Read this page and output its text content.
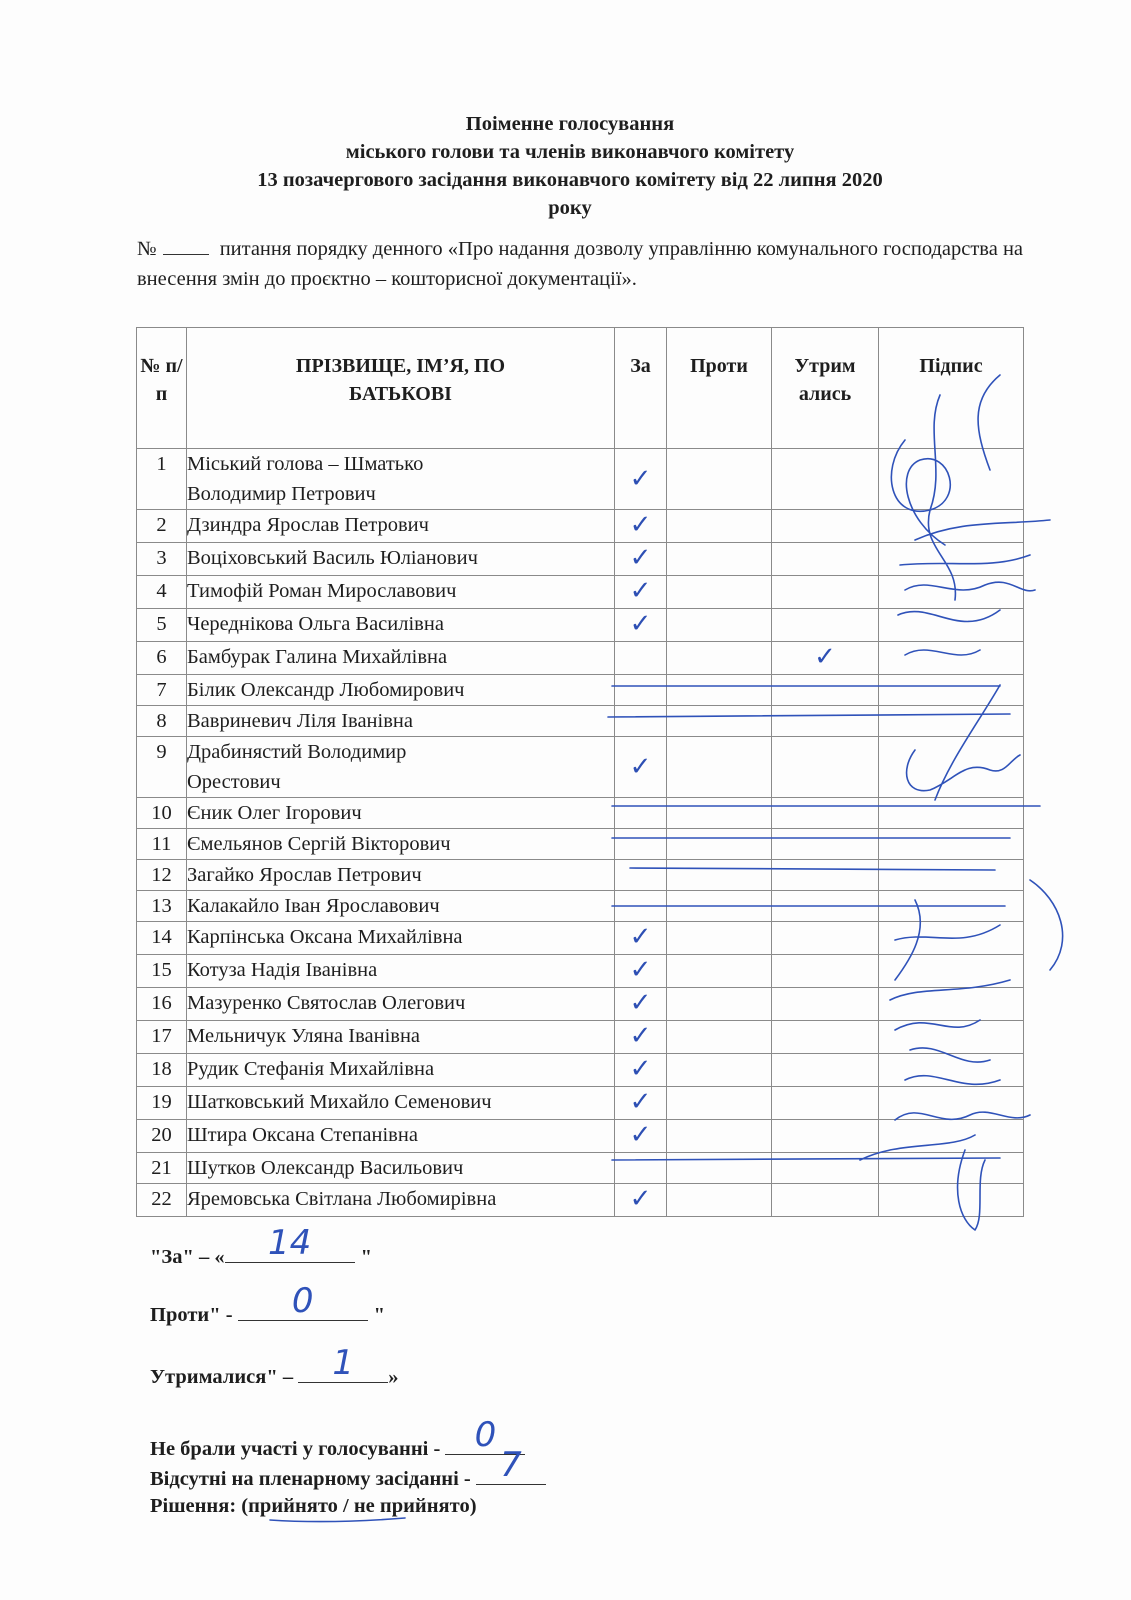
Поіменне голосування
міського голови та членів виконавчого комітету
13 позачергового засідання виконавчого комітету від 22 липня 2020
року
№	питання порядку денного «Про надання дозволу управлінню комунального господарства на внесення змін до проєктно – кошторисної документації».
№ п/п	ПРІЗВИЩЕ, ІМ’Я, ПО БАТЬКОВІ	За	Проти	Утрим ались	Підпис
1	Міський голова – Шматько
Володимир Петрович	✓			
2	Дзиндра Ярослав Петрович	✓			
3	Воціховський Василь Юліанович	✓			
4	Тимофій Роман Мирославович	✓			
5	Череднікова Ольга Василівна	✓			
6	Бамбурак Галина Михайлівна			✓	
7	Білик Олександр Любомирович				

8	Вавриневич Ліля Іванівна				

9	Драбинястий Володимир
Орестович	✓			
10	Єник Олег Ігорович				

11	Ємельянов Сергій Вікторович				

12	Загайко Ярослав Петрович				

13	Калакайло Іван Ярославович				

14	Карпінська Оксана Михайлівна	✓			
15	Котуза Надія Іванівна	✓			
16	Мазуренко Святослав Олегович	✓			
17	Мельничук Уляна Іванівна	✓			
18	Рудик Стефанія Михайлівна	✓			
19	Шатковський Михайло Семенович	✓			
20	Штира Оксана Степанівна	✓			
21	Шутков Олександр Васильович				

22	Яремовська Світлана Любомирівна	✓			
"За" – «	14	"
Проти" -	0	"
Утрималися" –	1	»
Не брали участі у голосуванні -	0
Відсутні на пленарному засіданні - 7
Рішення: (прийнято / не прийнято)
